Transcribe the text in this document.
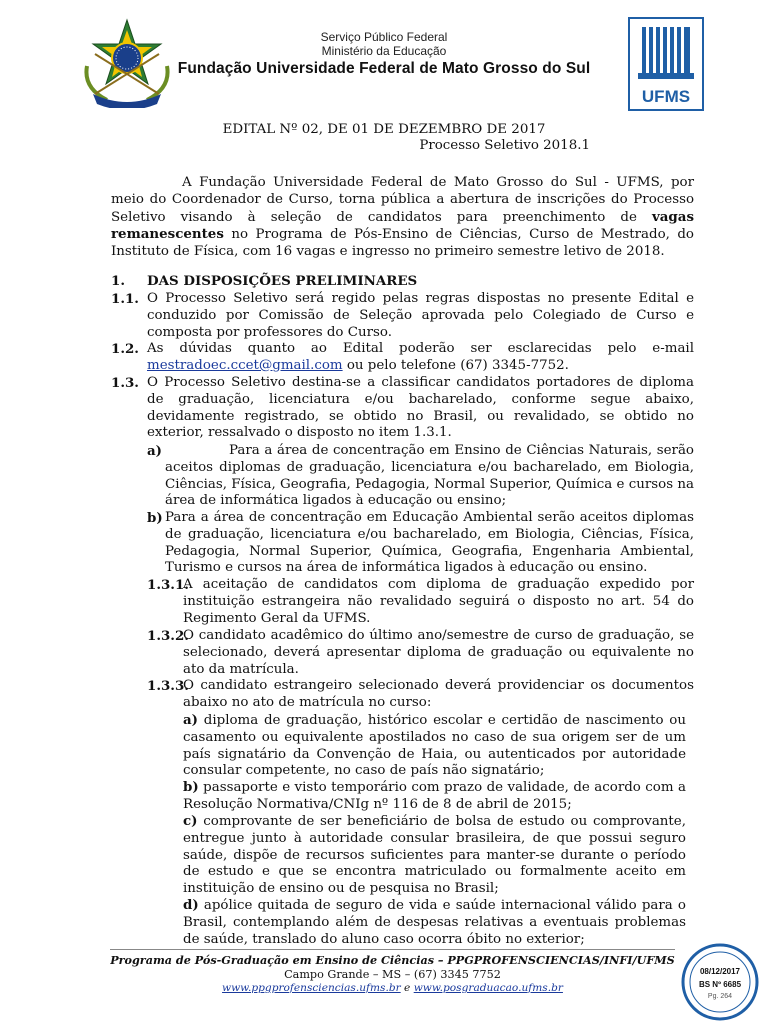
Serviço Público Federal
Ministério da Educação
Fundação Universidade Federal de Mato Grosso do Sul
UFMS
EDITAL Nº 02, DE 01 DE DEZEMBRO DE 2017
Processo Seletivo 2018.1
A Fundação Universidade Federal de Mato Grosso do Sul - UFMS, por meio do Coordenador de Curso, torna pública a abertura de inscrições do Processo Seletivo visando à seleção de candidatos para preenchimento de vagas remanescentes no Programa de Pós-Ensino de Ciências, Curso de Mestrado, do Instituto de Física, com 16 vagas e ingresso no primeiro semestre letivo de 2018.
1. DAS DISPOSIÇÕES PRELIMINARES
1.1. O Processo Seletivo será regido pelas regras dispostas no presente Edital e conduzido por Comissão de Seleção aprovada pelo Colegiado de Curso e composta por professores do Curso.
1.2. As dúvidas quanto ao Edital poderão ser esclarecidas pelo e-mail mestradoec.ccet@gmail.com ou pelo telefone (67) 3345-7752.
1.3. O Processo Seletivo destina-se a classificar candidatos portadores de diploma de graduação, licenciatura e/ou bacharelado, conforme segue abaixo, devidamente registrado, se obtido no Brasil, ou revalidado, se obtido no exterior, ressalvado o disposto no item 1.3.1.
a)	Para a área de concentração em Ensino de Ciências Naturais, serão aceitos diplomas de graduação, licenciatura e/ou bacharelado, em Biologia, Ciências, Física, Geografia, Pedagogia, Normal Superior, Química e cursos na área de informática ligados à educação ou ensino;
b) Para a área de concentração em Educação Ambiental serão aceitos diplomas de graduação, licenciatura e/ou bacharelado, em Biologia, Ciências, Física, Pedagogia, Normal Superior, Química, Geografia, Engenharia Ambiental, Turismo e cursos na área de informática ligados à educação ou ensino.
1.3.1.
A aceitação de candidatos com diploma de graduação expedido por instituição estrangeira não revalidado seguirá o disposto no art. 54 do Regimento Geral da UFMS.
1.3.2.
O candidato acadêmico do último ano/semestre de curso de graduação, se selecionado, deverá apresentar diploma de graduação ou equivalente no ato da matrícula.
1.3.3.
O candidato estrangeiro selecionado deverá providenciar os documentos abaixo no ato de matrícula no curso:
a) diploma de graduação, histórico escolar e certidão de nascimento ou casamento ou equivalente apostilados no caso de sua origem ser de um país signatário da Convenção de Haia, ou autenticados por autoridade consular competente, no caso de país não signatário;
b) passaporte e visto temporário com prazo de validade, de acordo com a Resolução Normativa/CNIg nº 116 de 8 de abril de 2015;
c) comprovante de ser beneficiário de bolsa de estudo ou comprovante, entregue junto à autoridade consular brasileira, de que possui seguro saúde, dispõe de recursos suficientes para manter-se durante o período de estudo e que se encontra matriculado ou formalmente aceito em instituição de ensino ou de pesquisa no Brasil;
d) apólice quitada de seguro de vida e saúde internacional válido para o Brasil, contemplando além de despesas relativas a eventuais problemas de saúde, translado do aluno caso ocorra óbito no exterior;
Programa de Pós-Graduação em Ensino de Ciências – PPGPROFENSCIENCIAS/INFI/UFMS
Campo Grande – MS – (67) 3345 7752
www.ppgprofensciencias.ufms.br e www.posgraduacao.ufms.br
08/12/2017
BS Nº 6685
Pg. 264
